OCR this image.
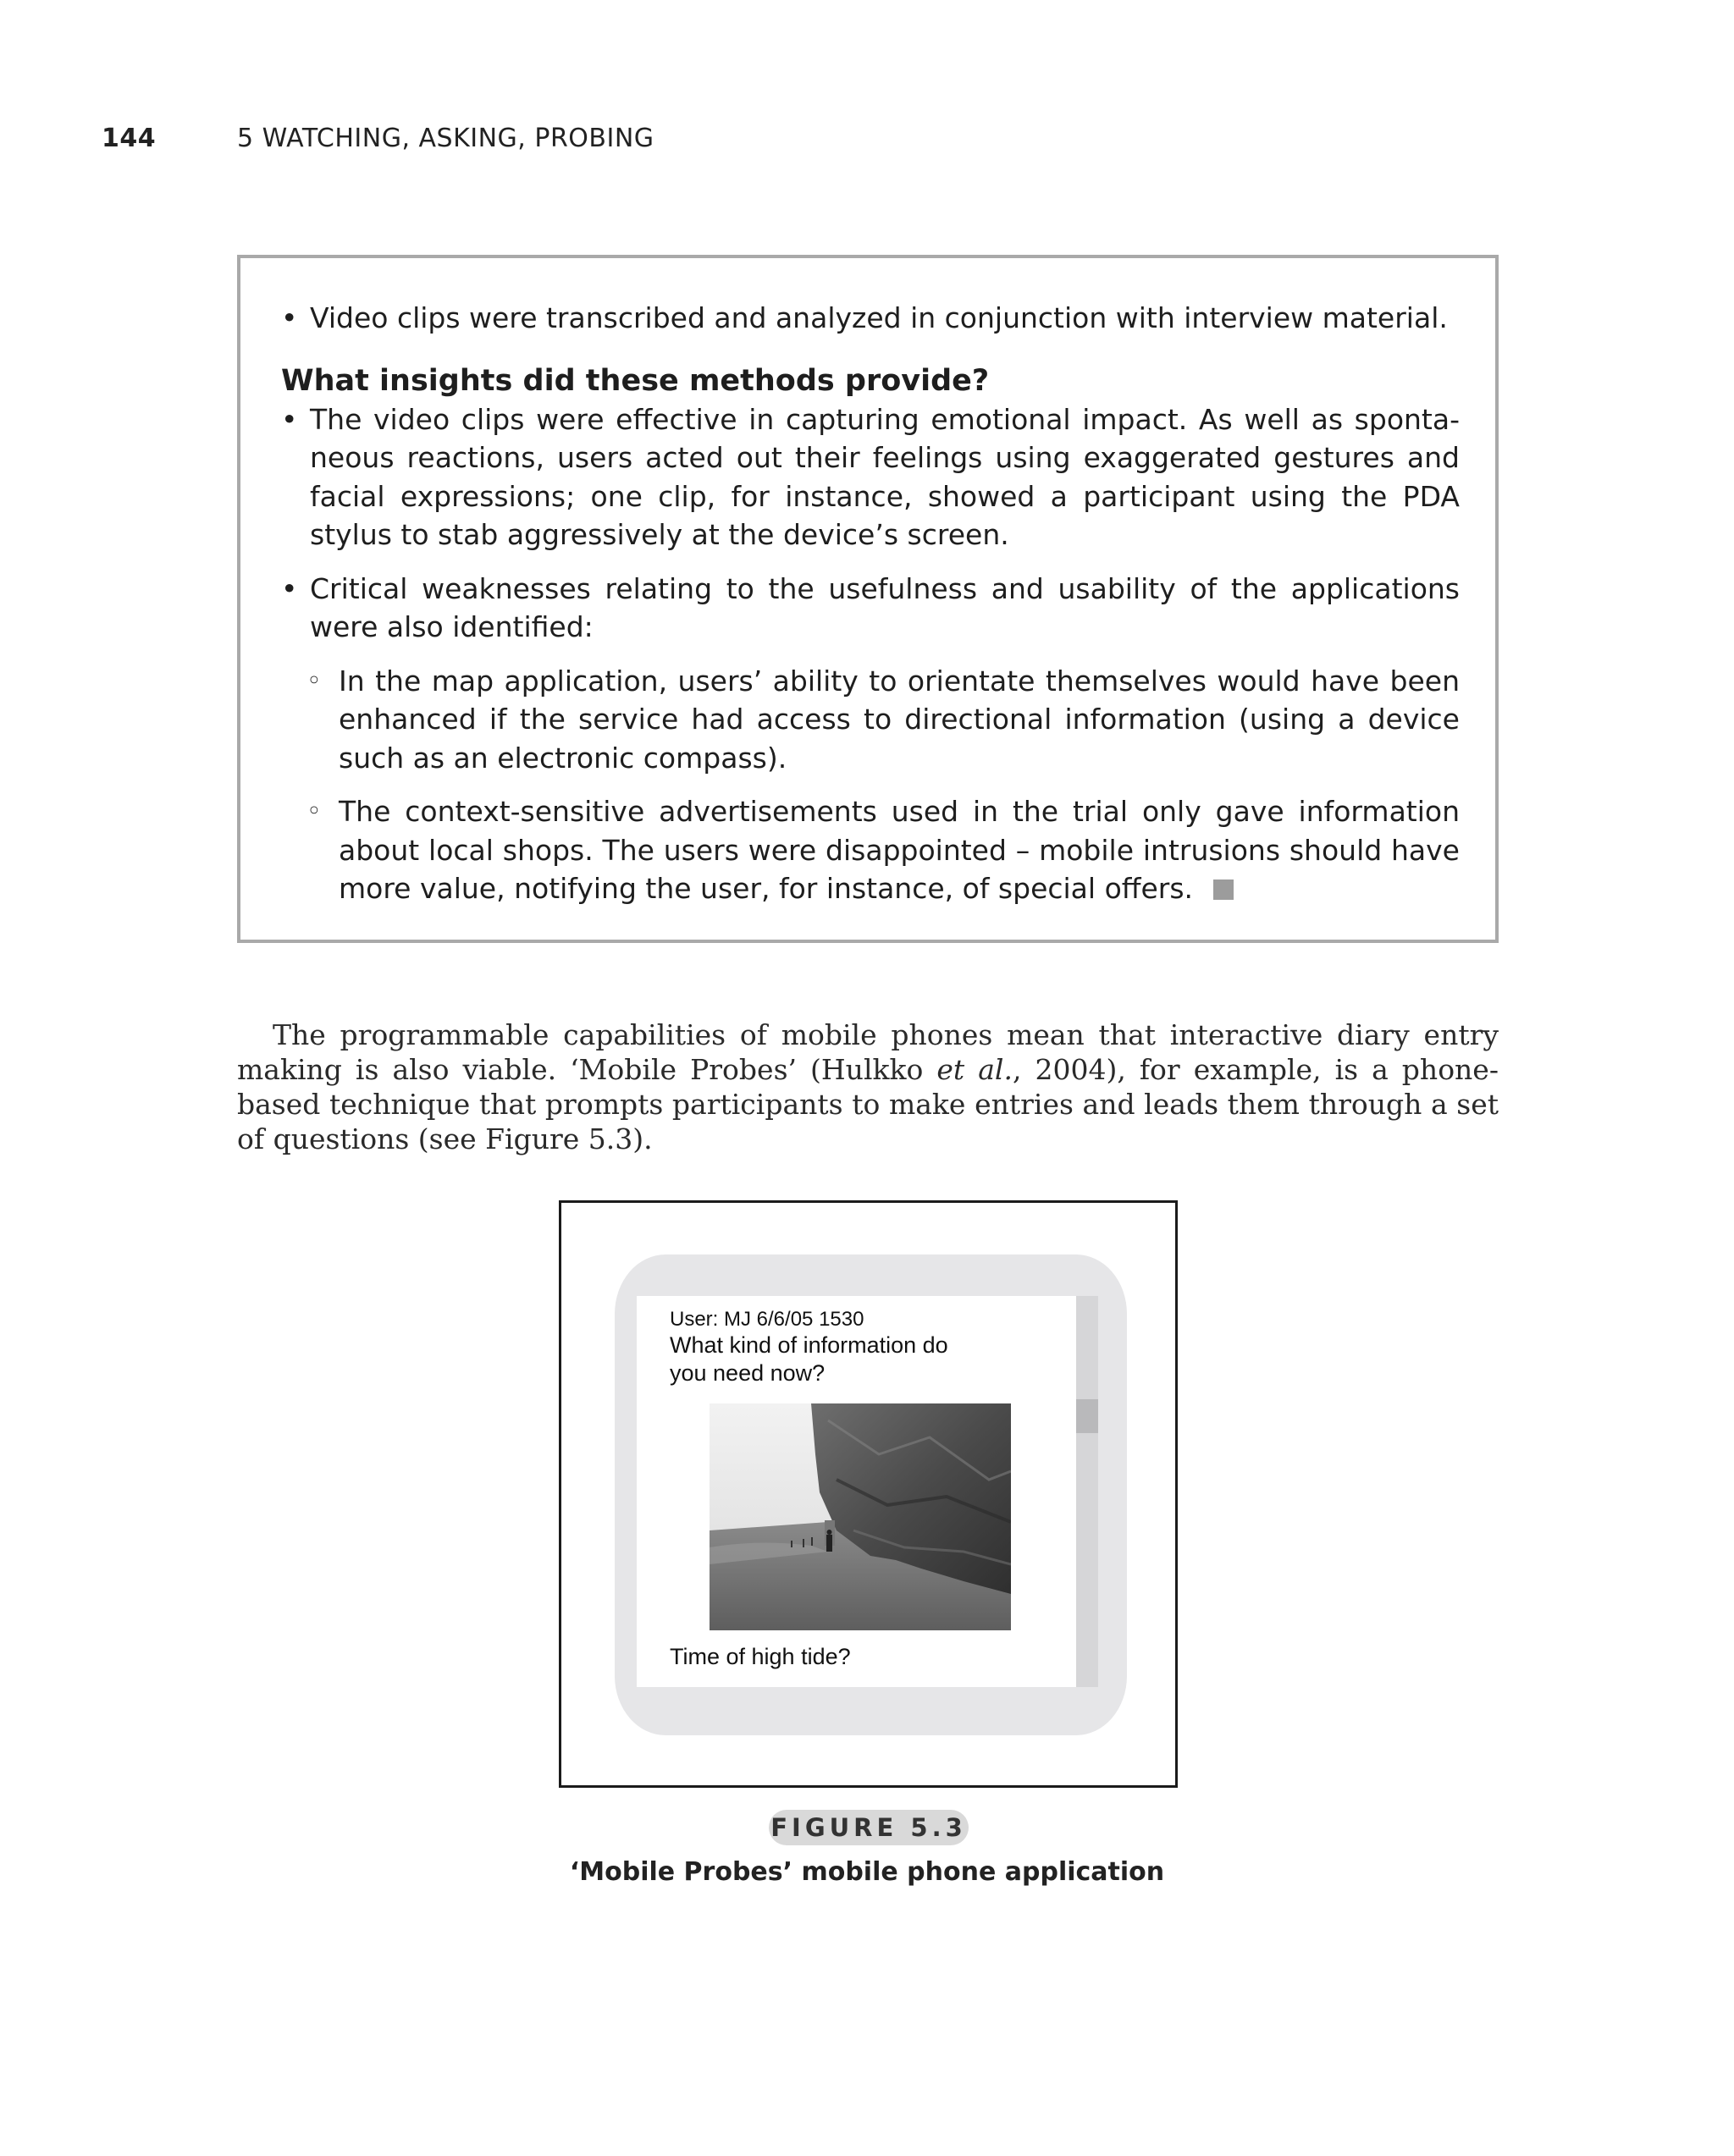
144	5 WATCHING, ASKING, PROBING
• Video clips were transcribed and analyzed in conjunction with interview material.
What insights did these methods provide?
• The video clips were effective in capturing emotional impact. As well as sponta-neous reactions, users acted out their feelings using exaggerated gestures and facial expressions; one clip, for instance, showed a participant using the PDA stylus to stab aggressively at the device’s screen.
• Critical weaknesses relating to the usefulness and usability of the applications were also identified:
◦ In the map application, users’ ability to orientate themselves would have been enhanced if the service had access to directional information (using a device such as an electronic compass).
◦ The context-sensitive advertisements used in the trial only gave information about local shops. The users were disappointed – mobile intrusions should have more value, notifying the user, for instance, of special offers.
The programmable capabilities of mobile phones mean that interactive diary entry making is also viable. ‘Mobile Probes’ (Hulkko et al., 2004), for example, is a phone-based technique that prompts participants to make entries and leads them through a set of questions (see Figure 5.3).
User: MJ 6/6/05 1530
What kind of information do you need now?
Time of high tide?
FIGURE 5.3
‘Mobile Probes’ mobile phone application
